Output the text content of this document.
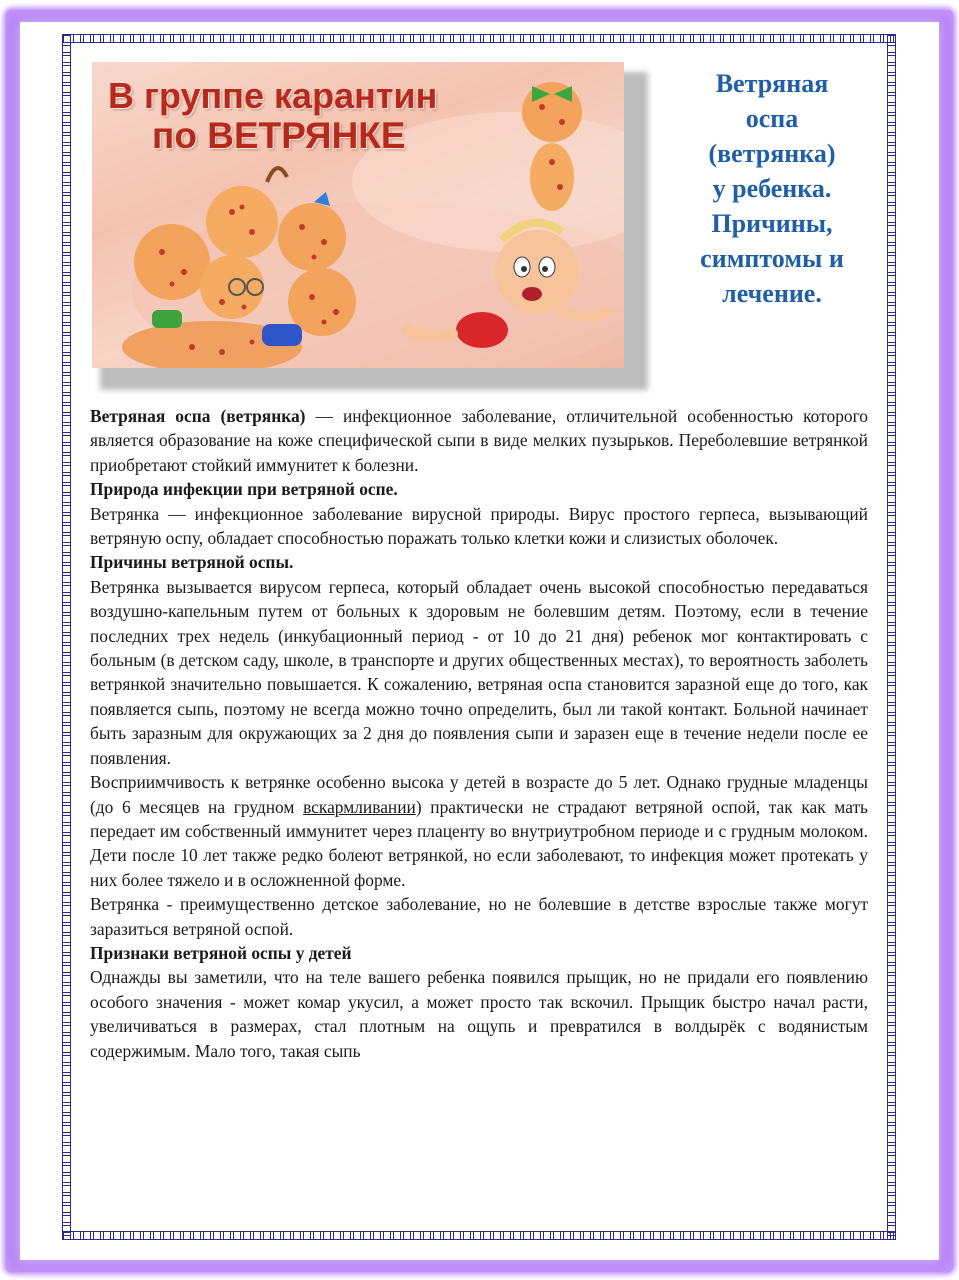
В группе карантин
по ВЕТРЯНКЕ
Ветряная
оспа
(ветрянка)
у ребенка.
Причины,
симптомы и
лечение.

Ветряная оспа (ветрянка) — инфекционное заболевание, отличительной особенностью которого является образование на коже специфической сыпи в виде мелких пузырьков. Переболевшие ветрянкой приобретают стойкий иммунитет к болезни.

Природа инфекции при ветряной оспе.

Ветрянка — инфекционное заболевание вирусной природы. Вирус простого герпеса, вызывающий ветряную оспу, обладает способностью поражать только клетки кожи и слизистых оболочек.

Причины ветряной оспы.

Ветрянка вызывается вирусом герпеса, который обладает очень высокой способностью передаваться воздушно-капельным путем от больных к здоровым не болевшим детям. Поэтому, если в течение последних трех недель (инкубационный период - от 10 до 21 дня) ребенок мог контактировать с больным (в детском саду, школе, в транспорте и других общественных местах), то вероятность заболеть ветрянкой значительно повышается. К сожалению, ветряная оспа становится заразной еще до того, как появляется сыпь, поэтому не всегда можно точно определить, был ли такой контакт. Больной начинает быть заразным для окружающих за 2 дня до появления сыпи и заразен еще в течение недели после ее появления.

Восприимчивость к ветрянке особенно высока у детей в возрасте до 5 лет. Однако грудные младенцы (до 6 месяцев на грудном вскармливании) практически не страдают ветряной оспой, так как мать передает им собственный иммунитет через плаценту во внутриутробном периоде и с грудным молоком. Дети после 10 лет также редко болеют ветрянкой, но если заболевают, то инфекция может протекать у них более тяжело и в осложненной форме.

Ветрянка - преимущественно детское заболевание, но не болевшие в детстве взрослые также могут заразиться ветряной оспой.

Признаки ветряной оспы у детей

Однажды вы заметили, что на теле вашего ребенка появился прыщик, но не придали его появлению особого значения - может комар укусил, а может просто так вскочил. Прыщик быстро начал расти, увеличиваться в размерах, стал плотным на ощупь и превратился в волдырёк с водянистым содержимым. Мало того, такая сыпь
